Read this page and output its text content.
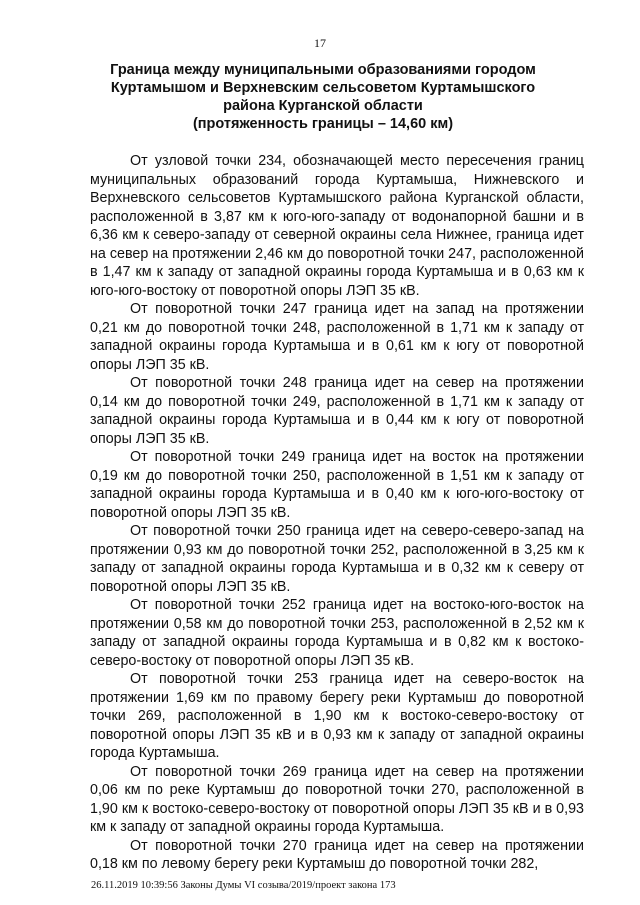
17
Граница между муниципальными образованиями городом
Куртамышом и Верхневским сельсоветом Куртамышского
района Курганской области
(протяженность границы – 14,60 км)

От узловой точки 234, обозначающей место пересечения границ муниципальных образований города Куртамыша, Нижневского и Верхневского сельсоветов Куртамышского района Курганской области, расположенной в 3,87 км к юго-юго-западу от водонапорной башни и в 6,36 км к северо-западу от северной окраины села Нижнее, граница идет на север на протяжении 2,46 км до поворотной точки 247, расположенной в 1,47 км к западу от западной окраины города Куртамыша и в 0,63 км к юго-юго-востоку от поворотной опоры ЛЭП 35 кВ.

От поворотной точки 247 граница идет на запад на протяжении 0,21 км до поворотной точки 248, расположенной в 1,71 км к западу от западной окраины города Куртамыша и в 0,61 км к югу от поворотной опоры ЛЭП 35 кВ.

От поворотной точки 248 граница идет на север на протяжении 0,14 км до поворотной точки 249, расположенной в 1,71 км к западу от западной окраины города Куртамыша и в 0,44 км к югу от поворотной опоры ЛЭП 35 кВ.

От поворотной точки 249 граница идет на восток на протяжении 0,19 км до поворотной точки 250, расположенной в 1,51 км к западу от западной окраины города Куртамыша и в 0,40 км к юго-юго-востоку от поворотной опоры ЛЭП 35 кВ.

От поворотной точки 250 граница идет на северо-северо-запад на протяжении 0,93 км до поворотной точки 252, расположенной в 3,25 км к западу от западной окраины города Куртамыша и в 0,32 км к северу от поворотной опоры ЛЭП 35 кВ.

От поворотной точки 252 граница идет на востоко-юго-восток на протяжении 0,58 км до поворотной точки 253, расположенной в 2,52 км к западу от западной окраины города Куртамыша и в 0,82 км к востоко-северо-востоку от поворотной опоры ЛЭП 35 кВ.

От поворотной точки 253 граница идет на северо-восток на протяжении 1,69 км по правому берегу реки Куртамыш до поворотной точки 269, расположенной в 1,90 км к востоко-северо-востоку от поворотной опоры ЛЭП 35 кВ и в 0,93 км к западу от западной окраины города Куртамыша.

От поворотной точки 269 граница идет на север на протяжении 0,06 км по реке Куртамыш до поворотной точки 270, расположенной в 1,90 км к востоко-северо-востоку от поворотной опоры ЛЭП 35 кВ и в 0,93 км к западу от западной окраины города Куртамыша.

От поворотной точки 270 граница идет на север на протяжении 0,18 км по левому берегу реки Куртамыш до поворотной точки 282,

26.11.2019 10:39:56 Законы Думы VI созыва/2019/проект закона 173
